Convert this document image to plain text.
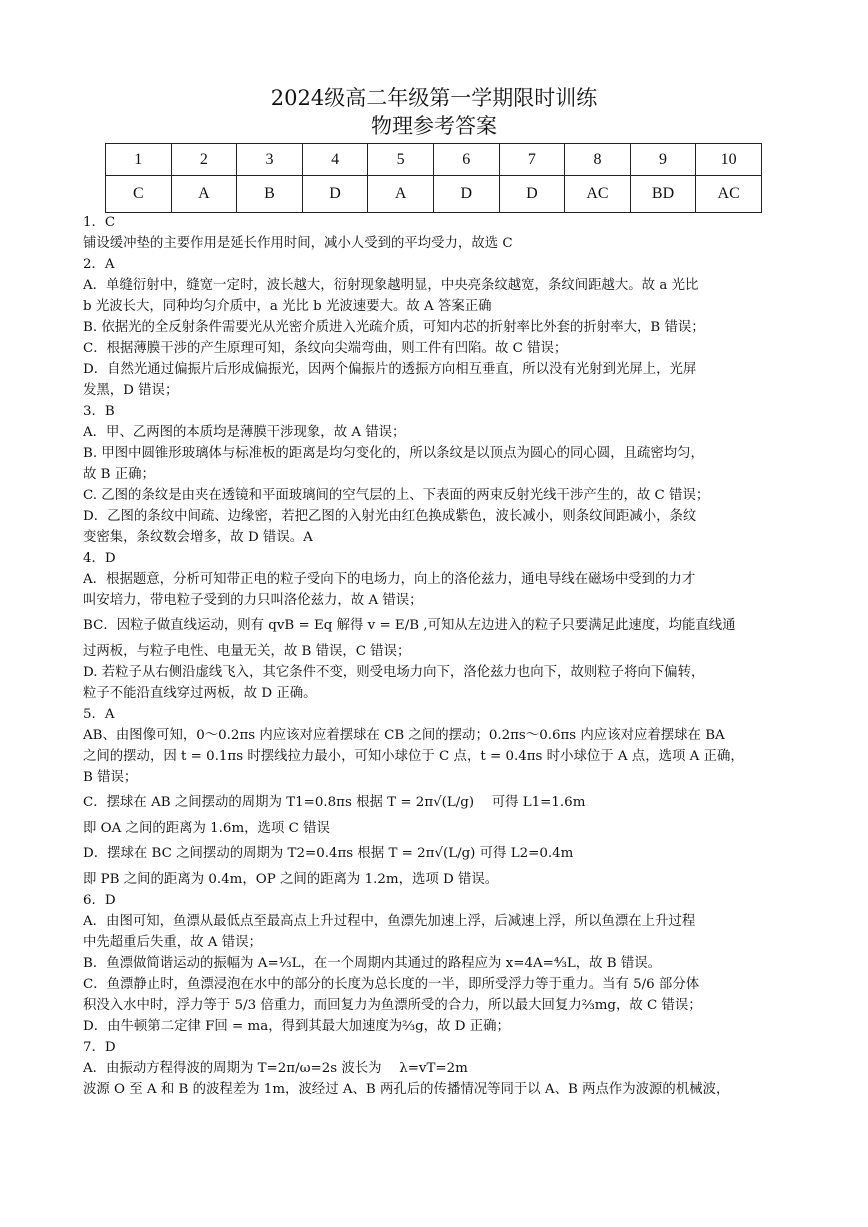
2024级高二年级第一学期限时训练
物理参考答案
1	2	3	4	5	6	7	8	9	10
C	A	B	D	A	D	D	AC	BD	AC
1．C
铺设缓冲垫的主要作用是延长作用时间，减小人受到的平均受力，故选 C
2．A
A．单缝衍射中，缝宽一定时，波长越大，衍射现象越明显，中央亮条纹越宽，条纹间距越大。故 a 光比
b 光波长大，同种均匀介质中，a 光比 b 光波速要大。故 A 答案正确
B. 依据光的全反射条件需要光从光密介质进入光疏介质，可知内芯的折射率比外套的折射率大，B 错误；
C．根据薄膜干涉的产生原理可知，条纹向尖端弯曲，则工件有凹陷。故 C 错误；
D．自然光通过偏振片后形成偏振光，因两个偏振片的透振方向相互垂直，所以没有光射到光屏上，光屏
发黑，D 错误；
3．B
A．甲、乙两图的本质均是薄膜干涉现象，故 A 错误；
B. 甲图中圆锥形玻璃体与标准板的距离是均匀变化的，所以条纹是以顶点为圆心的同心圆，且疏密均匀，
故 B 正确；
C. 乙图的条纹是由夹在透镜和平面玻璃间的空气层的上、下表面的两束反射光线干涉产生的，故 C 错误；
D．乙图的条纹中间疏、边缘密，若把乙图的入射光由红色换成紫色，波长减小，则条纹间距减小，条纹
变密集，条纹数会增多，故 D 错误。A
4．D
A．根据题意，分析可知带正电的粒子受向下的电场力，向上的洛伦兹力，通电导线在磁场中受到的力才
叫安培力，带电粒子受到的力只叫洛伦兹力，故 A 错误；
BC．因粒子做直线运动，则有 qvB = Eq 解得 v = E/B ,可知从左边进入的粒子只要满足此速度，均能直线通
过两板，与粒子电性、电量无关，故 B 错误，C 错误；
D. 若粒子从右侧沿虚线飞入，其它条件不变，则受电场力向下，洛伦兹力也向下，故则粒子将向下偏转，
粒子不能沿直线穿过两板，故 D 正确。
5．A
AB、由图像可知，0～0.2πs 内应该对应着摆球在 CB 之间的摆动；0.2πs～0.6πs 内应该对应着摆球在 BA
之间的摆动，因 t = 0.1πs 时摆线拉力最小，可知小球位于 C 点，t = 0.4πs 时小球位于 A 点，选项 A 正确，
B 错误；
C．摆球在 AB 之间摆动的周期为 T1=0.8πs 根据 T = 2π√(L/g)　 可得 L1=1.6m
即 OA 之间的距离为 1.6m，选项 C 错误
D．摆球在 BC 之间摆动的周期为 T2=0.4πs 根据 T = 2π√(L/g) 可得 L2=0.4m
即 PB 之间的距离为 0.4m，OP 之间的距离为 1.2m，选项 D 错误。
6．D
A．由图可知，鱼漂从最低点至最高点上升过程中，鱼漂先加速上浮，后减速上浮，所以鱼漂在上升过程
中先超重后失重，故 A 错误；
B．鱼漂做简谐运动的振幅为 A=⅓L，在一个周期内其通过的路程应为 x=4A=⁴⁄₃L，故 B 错误。
C．鱼漂静止时，鱼漂浸泡在水中的部分的长度为总长度的一半，即所受浮力等于重力。当有 5/6 部分体
积没入水中时，浮力等于 5/3 倍重力，而回复力为鱼漂所受的合力，所以最大回复力⅔mg，故 C 错误；
D．由牛顿第二定律 F回 = ma，得到其最大加速度为⅔g，故 D 正确；
7．D
A．由振动方程得波的周期为 T=2π/ω=2s 波长为　 λ=vT=2m
波源 O 至 A 和 B 的波程差为 1m，波经过 A、B 两孔后的传播情况等同于以 A、B 两点作为波源的机械波，
